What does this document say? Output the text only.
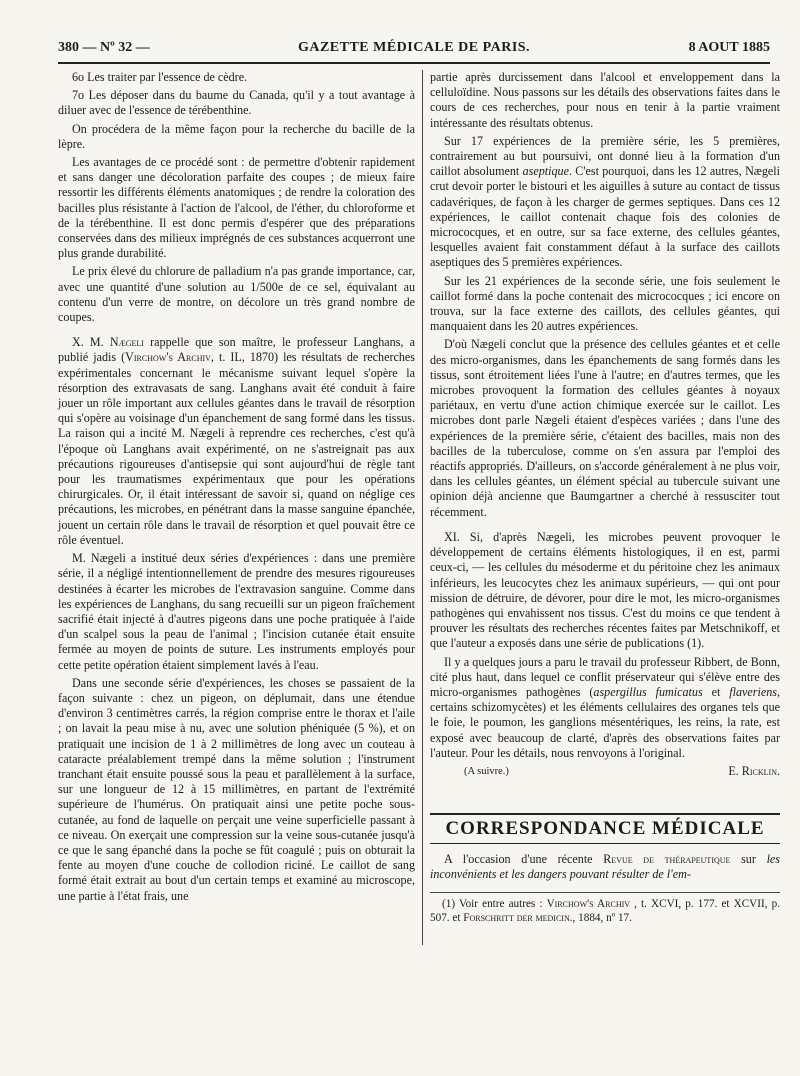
380 — Nº 32 —	GAZETTE MÉDICALE DE PARIS.	8 AOUT 1885

6o Les traiter par l'essence de cèdre.

7o Les déposer dans du baume du Canada, qu'il y a tout avantage à diluer avec de l'essence de térébenthine.

On procédera de la même façon pour la recherche du bacille de la lèpre.

Les avantages de ce procédé sont : de permettre d'obtenir rapidement et sans danger une décoloration parfaite des coupes ; de mieux faire ressortir les différents éléments anatomiques ; de rendre la coloration des bacilles plus résistante à l'action de l'alcool, de l'éther, du chloroforme et de la térébenthine. Il est donc permis d'espérer que des préparations conservées dans des milieux imprégnés de ces substances acquerront une plus grande durabilité.

Le prix élevé du chlorure de palladium n'a pas grande importance, car, avec une quantité d'une solution au 1/500e de ce sel, équivalant au contenu d'un verre de montre, on décolore un très grand nombre de coupes.

X. M. Nægeli rappelle que son maître, le professeur Langhans, a publié jadis (Virchow's Archiv, t. IL, 1870) les résultats de recherches expérimentales concernant le mécanisme suivant lequel s'opère la résorption des extravasats de sang. Langhans avait été conduit à faire jouer un rôle important aux cellules géantes dans le travail de résorption qui s'opère au voisinage d'un épanchement de sang formé dans les tissus. La raison qui a incité M. Nægeli à reprendre ces recherches, c'est qu'à l'époque où Langhans avait expérimenté, on ne s'astreignait pas aux précautions rigoureuses d'antisepsie qui sont aujourd'hui de règle tant pour les traumatismes expérimentaux que pour les opérations chirurgicales. Or, il était intéressant de savoir si, quand on néglige ces précautions, les microbes, en pénétrant dans la masse sanguine épanchée, jouent un certain rôle dans le travail de résorption et quel pouvait être ce rôle éventuel.

M. Nægeli a institué deux séries d'expériences : dans une première série, il a négligé intentionnellement de prendre des mesures rigoureuses destinées à écarter les microbes de l'extravasion sanguine. Comme dans les expériences de Langhans, du sang recueilli sur un pigeon fraîchement sacrifié était injecté à d'autres pigeons dans une poche pratiquée à l'aide d'un scalpel sous la peau de l'animal ; l'incision cutanée était ensuite fermée au moyen de points de suture. Les instruments employés pour cette petite opération étaient simplement lavés à l'eau.

Dans une seconde série d'expériences, les choses se passaient de la façon suivante : chez un pigeon, on déplumait, dans une étendue d'environ 3 centimètres carrés, la région comprise entre le thorax et l'aile ; on lavait la peau mise à nu, avec une solution phéniquée (5 %), et on pratiquait une incision de 1 à 2 millimètres de long avec un couteau à cataracte préalablement trempé dans la même solution ; l'instrument tranchant était ensuite poussé sous la peau et parallèlement à la surface, sur une longueur de 12 à 15 millimètres, en partant de l'extrémité supérieure de l'humérus. On pratiquait ainsi une petite poche sous-cutanée, au fond de laquelle on perçait une veine superficielle passant à ce niveau. On exerçait une compression sur la veine sous-cutanée jusqu'à ce que le sang épanché dans la poche se fût coagulé ; puis on obturait la fente au moyen d'une couche de collodion riciné. Le caillot de sang formé était extrait au bout d'un certain temps et examiné au microscope, une partie à l'état frais, une

partie après durcissement dans l'alcool et enveloppement dans la celluloïdine. Nous passons sur les détails des observations faites dans le cours de ces recherches, pour nous en tenir à la partie vraiment intéressante des résultats obtenus.

Sur 17 expériences de la première série, les 5 premières, contrairement au but poursuivi, ont donné lieu à la formation d'un caillot absolument aseptique. C'est pourquoi, dans les 12 autres, Nægeli crut devoir porter le bistouri et les aiguilles à suture au contact de tissus cadavériques, de façon à les charger de germes septiques. Dans ces 12 expériences, le caillot contenait chaque fois des colonies de micrococques, et en outre, sur sa face externe, des cellules géantes, lesquelles avaient fait constamment défaut à la surface des caillots aseptiques des 5 premières expériences.

Sur les 21 expériences de la seconde série, une fois seulement le caillot formé dans la poche contenait des micrococques ; ici encore on trouva, sur la face externe des caillots, des cellules géantes, qui manquaient dans les 20 autres expériences.

D'où Nægeli conclut que la présence des cellules géantes et et celle des micro-organismes, dans les épanchements de sang formés dans les tissus, sont étroitement liées l'une à l'autre; en d'autres termes, que les microbes provoquent la formation des cellules géantes à noyaux pariétaux, en vertu d'une action chimique exercée sur le caillot. Les microbes dont parle Nægeli étaient d'espèces variées ; dans l'une des expériences de la première série, c'étaient des bacilles, mais non des bacilles de la tuberculose, comme on s'en assura par l'emploi des réactifs appropriés. D'ailleurs, on s'accorde généralement à ne plus voir, dans les cellules géantes, un élément spécial au tubercule suivant une opinion déjà ancienne que Baumgartner a cherché à ressusciter tout récemment.

XI. Si, d'après Nægeli, les microbes peuvent provoquer le développement de certains éléments histologiques, il en est, parmi ceux-ci, — les cellules du mésoderme et du péritoine chez les animaux inférieurs, les leucocytes chez les animaux supérieurs, — qui ont pour mission de détruire, de dévorer, pour dire le mot, les micro-organismes pathogènes qui envahissent nos tissus. C'est du moins ce que tendent à prouver les résultats des recherches récentes faites par Metschnikoff, et que l'auteur a exposés dans une série de publications (1).

Il y a quelques jours a paru le travail du professeur Ribbert, de Bonn, cité plus haut, dans lequel ce conflit préservateur qui s'élève entre des micro-organismes pathogènes (aspergillus fumicatus et flaveriens, certains schizomycètes) et les éléments cellulaires des organes tels que le foie, le poumon, les ganglions mésentériques, les reins, la rate, est exposé avec beaucoup de clarté, d'après des observations faites par l'auteur. Pour les détails, nous renvoyons à l'original.

E. Ricklin.
(A suivre.)
CORRESPONDANCE MÉDICALE

A l'occasion d'une récente Revue de thérapeutique sur les inconvénients et les dangers pouvant résulter de l'em-

(1) Voir entre autres : Virchow's Archiv , t. XCVI, p. 177. et XCVII, p. 507. et Forschritt der medicin., 1884, nº 17.
